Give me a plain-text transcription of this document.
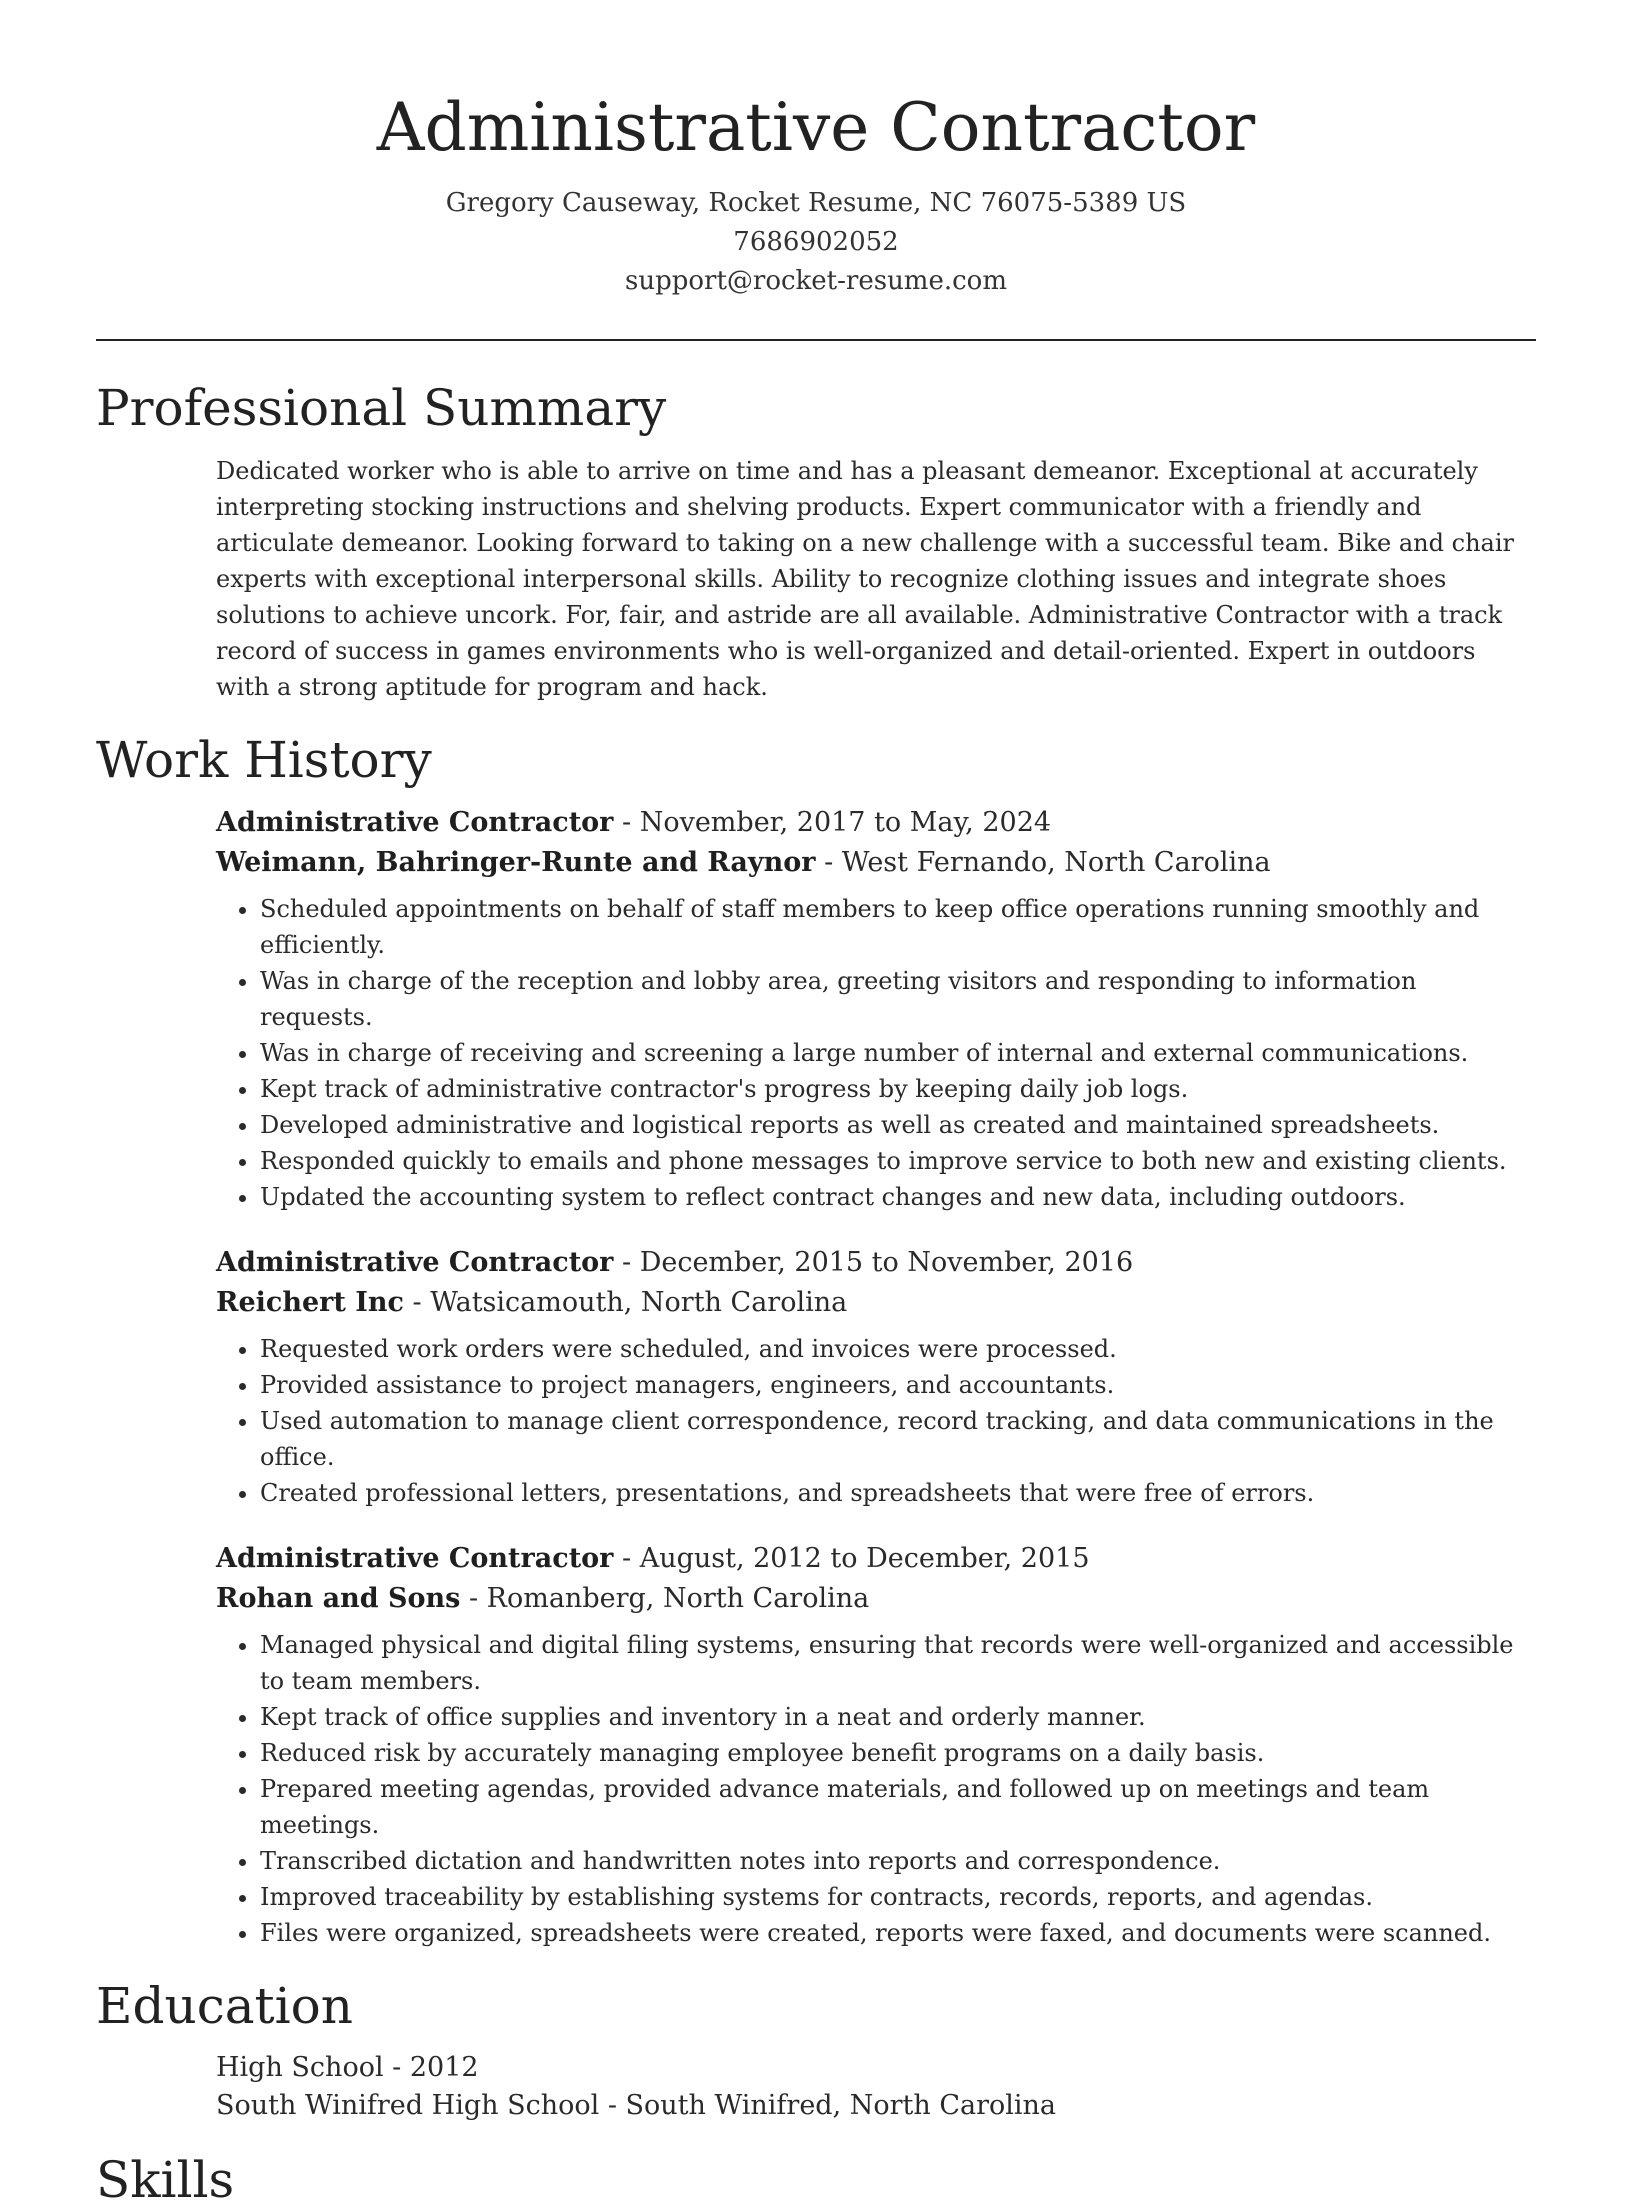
Administrative Contractor

Gregory Causeway, Rocket Resume, NC 76075-5389 US

7686902052

support@rocket-resume.com

Professional Summary

Dedicated worker who is able to arrive on time and has a pleasant demeanor. Exceptional at accurately interpreting stocking instructions and shelving products. Expert communicator with a friendly and articulate demeanor. Looking forward to taking on a new challenge with a successful team. Bike and chair experts with exceptional interpersonal skills. Ability to recognize clothing issues and integrate shoes solutions to achieve uncork. For, fair, and astride are all available. Administrative Contractor with a track record of success in games environments who is well-organized and detail-oriented. Expert in outdoors with a strong aptitude for program and hack.

Work History

Administrative Contractor - November, 2017 to May, 2024

Weimann, Bahringer-Runte and Raynor - West Fernando, North Carolina

• Scheduled appointments on behalf of staff members to keep office operations running smoothly and efficiently.
• Was in charge of the reception and lobby area, greeting visitors and responding to information requests.
• Was in charge of receiving and screening a large number of internal and external communications.
• Kept track of administrative contractor's progress by keeping daily job logs.
• Developed administrative and logistical reports as well as created and maintained spreadsheets.
• Responded quickly to emails and phone messages to improve service to both new and existing clients.
• Updated the accounting system to reflect contract changes and new data, including outdoors.

Administrative Contractor - December, 2015 to November, 2016

Reichert Inc - Watsicamouth, North Carolina

• Requested work orders were scheduled, and invoices were processed.
• Provided assistance to project managers, engineers, and accountants.
• Used automation to manage client correspondence, record tracking, and data communications in the office.
• Created professional letters, presentations, and spreadsheets that were free of errors.

Administrative Contractor - August, 2012 to December, 2015

Rohan and Sons - Romanberg, North Carolina

• Managed physical and digital filing systems, ensuring that records were well-organized and accessible to team members.
• Kept track of office supplies and inventory in a neat and orderly manner.
• Reduced risk by accurately managing employee benefit programs on a daily basis.
• Prepared meeting agendas, provided advance materials, and followed up on meetings and team meetings.
• Transcribed dictation and handwritten notes into reports and correspondence.
• Improved traceability by establishing systems for contracts, records, reports, and agendas.
• Files were organized, spreadsheets were created, reports were faxed, and documents were scanned.
Education

High School - 2012

South Winifred High School - South Winifred, North Carolina

Skills
